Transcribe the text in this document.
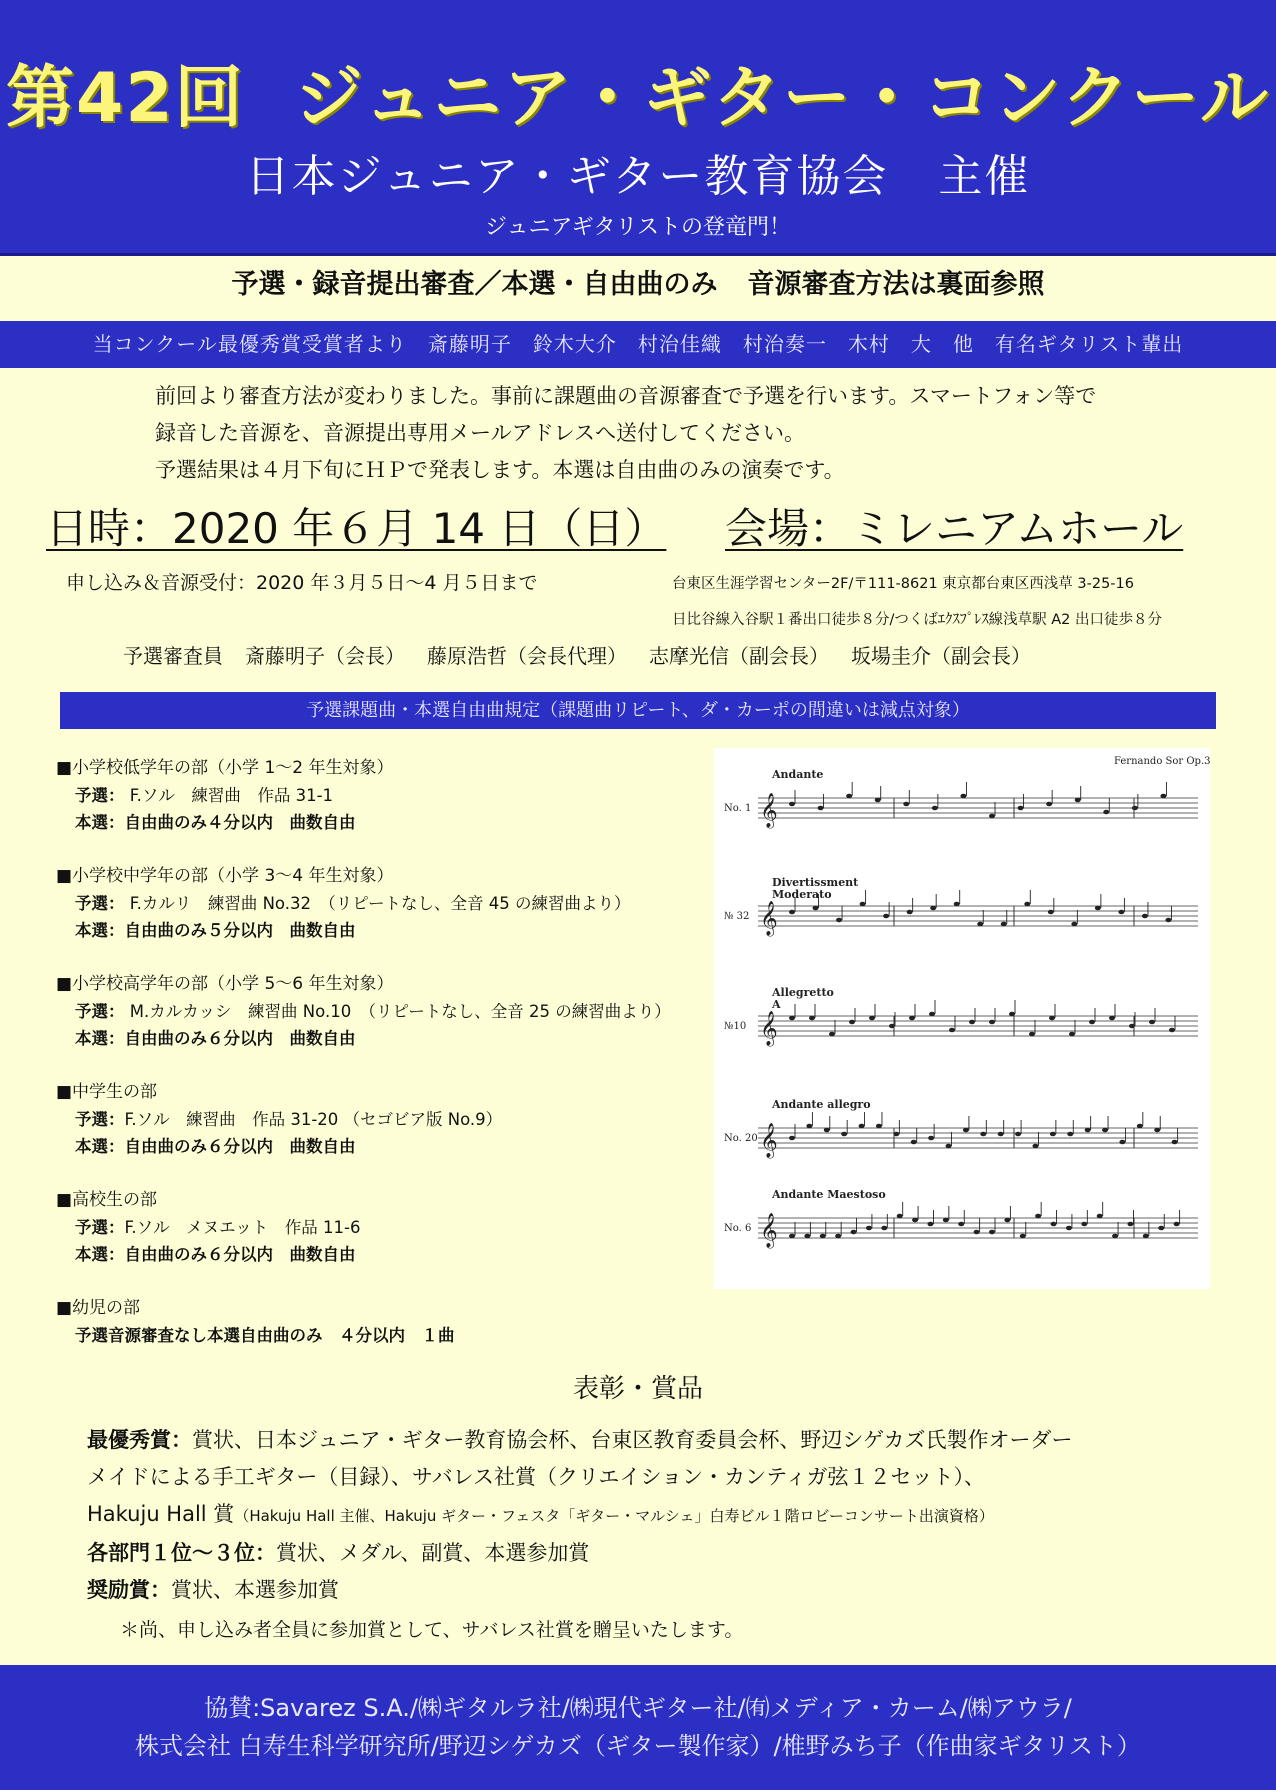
第42回 ジュニア・ギター・コンクール
日本ジュニア・ギター教育協会 主催
ジュニアギタリストの登竜門！
予選・録音提出審査／本選・自由曲のみ 音源審査方法は裏面参照
当コンクール最優秀賞受賞者より　斎藤明子　鈴木大介　村治佳織　村治奏一　木村　大　他　有名ギタリスト輩出
前回より審査方法が変わりました。事前に課題曲の音源審査で予選を行います。スマートフォン等で
録音した音源を、音源提出専用メールアドレスへ送付してください。
予選結果は４月下旬にＨＰで発表します。本選は自由曲のみの演奏です。
日時：2020 年６月 14 日（日） 会場：ミレニアムホール
申し込み＆音源受付：2020 年３月５日～4 月５日まで	台東区生涯学習センター2F/〒111-8621 東京都台東区西浅草 3-25-16
日比谷線入谷駅１番出口徒歩８分/つくばｴｸｽﾌﾟﾚｽ線浅草駅 A2 出口徒歩８分
予選審査員 斎藤明子（会長） 藤原浩哲（会長代理） 志摩光信（副会長） 坂場圭介（副会長）
予選課題曲・本選自由曲規定（課題曲リピート、ダ・カーポの間違いは減点対象）
■小学校低学年の部（小学 1～2 年生対象）
予選： F.ソル　練習曲　作品 31-1
本選：自由曲のみ４分以内　曲数自由
■小学校中学年の部（小学 3～4 年生対象）
予選： F.カルリ　練習曲 No.32　（リピートなし、全音 45 の練習曲より）
本選：自由曲のみ５分以内　曲数自由
■小学校高学年の部（小学 5～6 年生対象）
予選： M.カルカッシ　練習曲 No.10　（リピートなし、全音 25 の練習曲より）
本選：自由曲のみ６分以内　曲数自由
■中学生の部
予選：F.ソル　練習曲　作品 31-20 （セゴビア版 No.9）
本選：自由曲のみ６分以内　曲数自由
■高校生の部
予選：F.ソル　メヌエット　作品 11-6
本選：自由曲のみ６分以内　曲数自由
■幼児の部
予選音源審査なし本選自由曲のみ　４分以内　１曲
Fernando Sor Op.31
Andante
No. 1 𝄞
Divertissment
Moderato
№ 32 𝄞
Allegretto
A
№10 𝄞
Andante allegro
No. 20 𝄞
Andante Maestoso
No. 6 𝄞
表彰・賞品
最優秀賞：賞状、日本ジュニア・ギター教育協会杯、台東区教育委員会杯、野辺シゲカズ氏製作オーダー
メイドによる手工ギター（目録）、サバレス社賞（クリエイション・カンティガ弦１２セット）、
Hakuju Hall 賞（Hakuju Hall 主催、Hakuju ギター・フェスタ「ギター・マルシェ」白寿ビル１階ロビーコンサート出演資格）
各部門１位～３位：賞状、メダル、副賞、本選参加賞
奨励賞：賞状、本選参加賞
＊尚、申し込み者全員に参加賞として、サバレス社賞を贈呈いたします。
協賛:Savarez S.A./㈱ギタルラ社/㈱現代ギター社/㈲メディア・カーム/㈱アウラ/
株式会社 白寿生科学研究所/野辺シゲカズ（ギター製作家）/椎野みち子（作曲家ギタリスト）
